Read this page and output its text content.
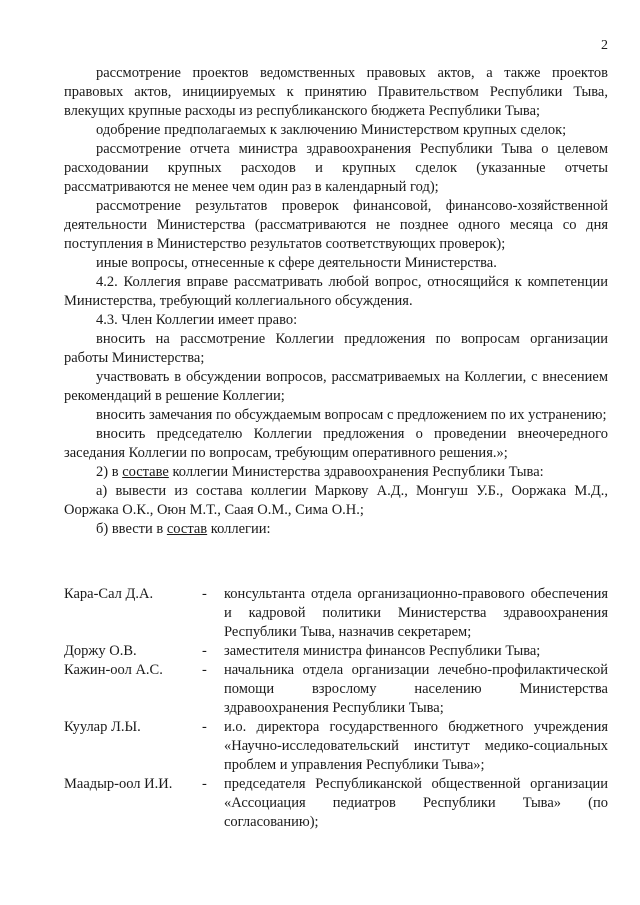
2

рассмотрение проектов ведомственных правовых актов, а также проектов правовых актов, инициируемых к принятию Правительством Республики Тыва, влекущих крупные расходы из республиканского бюджета Республики Тыва;

одобрение предполагаемых к заключению Министерством крупных сделок;

рассмотрение отчета министра здравоохранения Республики Тыва о целевом расходовании крупных расходов и крупных сделок (указанные отчеты рассматриваются не менее чем один раз в календарный год);

рассмотрение результатов проверок финансовой, финансово-хозяйственной деятельности Министерства (рассматриваются не позднее одного месяца со дня поступления в Министерство результатов соответствующих проверок);

иные вопросы, отнесенные к сфере деятельности Министерства.

4.2. Коллегия вправе рассматривать любой вопрос, относящийся к компетенции Министерства, требующий коллегиального обсуждения.

4.3. Член Коллегии имеет право:

вносить на рассмотрение Коллегии предложения по вопросам организации работы Министерства;

участвовать в обсуждении вопросов, рассматриваемых на Коллегии, с внесением рекомендаций в решение Коллегии;

вносить замечания по обсуждаемым вопросам с предложением по их устранению;

вносить председателю Коллегии предложения о проведении внеочередного заседания Коллегии по вопросам, требующим оперативного решения.»;

2) в составе коллегии Министерства здравоохранения Республики Тыва:

а) вывести из состава коллегии Маркову А.Д., Монгуш У.Б., Ооржака М.Д., Ооржака О.К., Оюн М.Т., Саая О.М., Сима О.Н.;

б) ввести в состав коллегии:

Кара-Сал Д.А.	-	консультанта отдела организационно-правового обеспечения и кадровой политики Министерства здравоохранения Республики Тыва, назначив секретарем;
Доржу О.В.	-	заместителя министра финансов Республики Тыва;
Кажин-оол А.С.	-	начальника отдела организации лечебно-профилактической помощи взрослому населению Министерства здравоохранения Республики Тыва;
Куулар Л.Ы.	-	и.о. директора государственного бюджетного учреждения «Научно-исследовательский институт медико-социальных проблем и управления Республики Тыва»;
Маадыр-оол И.И.	-	председателя Республиканской общественной организации «Ассоциация педиатров Республики Тыва» (по согласованию);
